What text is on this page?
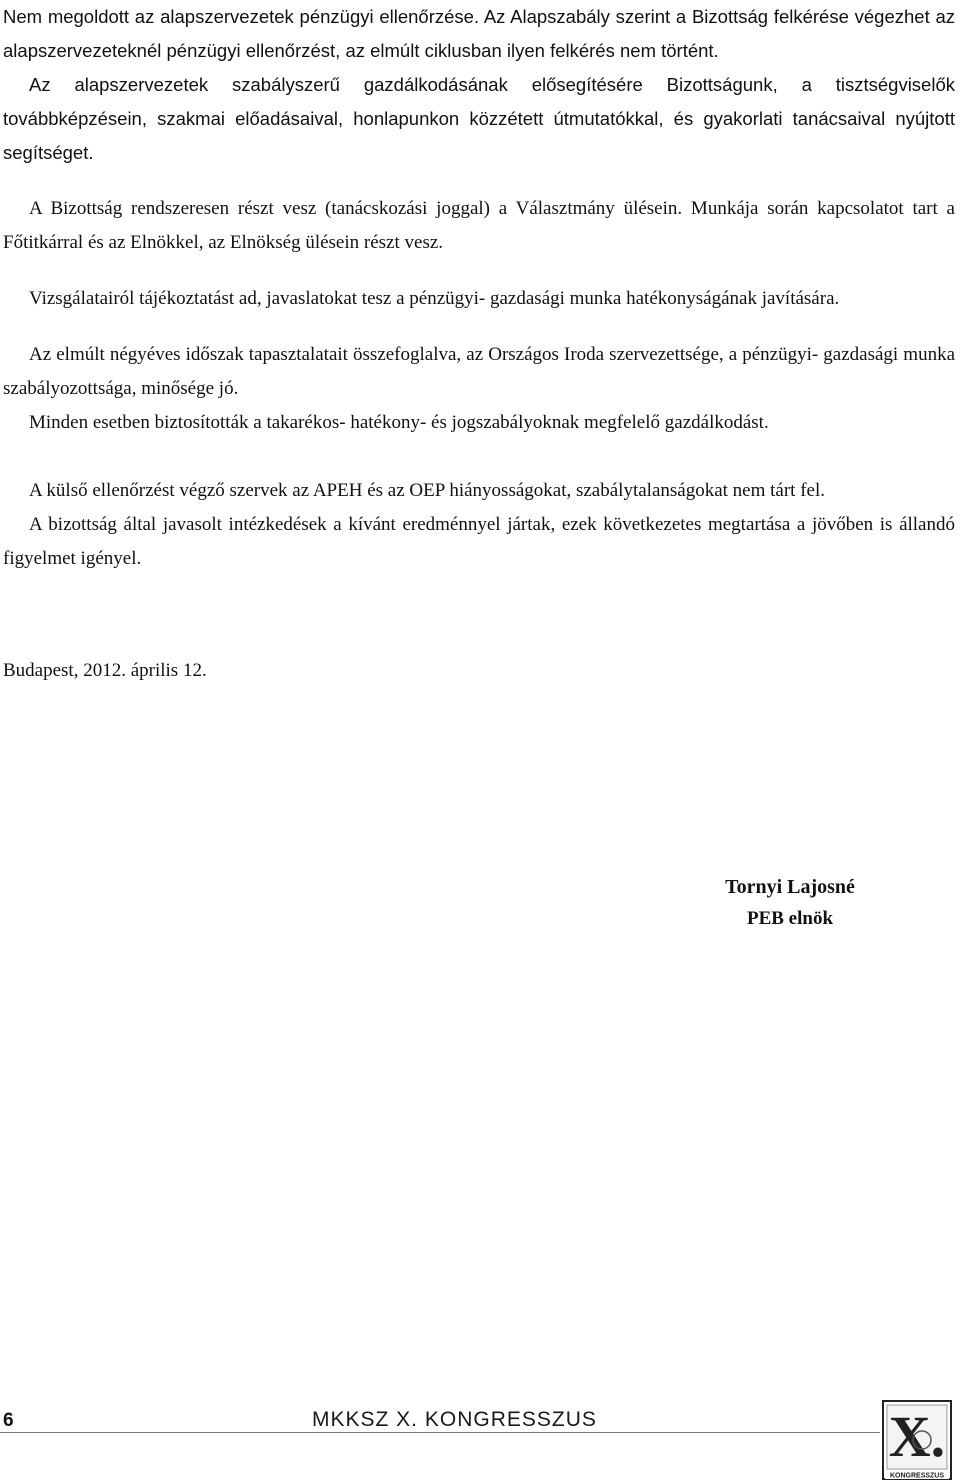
Nem megoldott az alapszervezetek pénzügyi ellenőrzése. Az Alapszabály szerint a Bizottság felkérése végezhet az alapszervezeteknél pénzügyi ellenőrzést, az elmúlt ciklusban ilyen felkérés nem történt.

Az alapszervezetek szabályszerű gazdálkodásának elősegítésére Bizottságunk, a tisztségviselők továbbképzésein, szakmai előadásaival, honlapunkon közzétett útmutatókkal, és gyakorlati tanácsaival nyújtott segítséget.

A Bizottság rendszeresen részt vesz (tanácskozási joggal) a Választmány ülésein. Munkája során kapcsolatot tart a Főtitkárral és az Elnökkel, az Elnökség ülésein részt vesz.

Vizsgálatairól tájékoztatást ad, javaslatokat tesz a pénzügyi- gazdasági munka hatékonyságának javítására.

Az elmúlt négyéves időszak tapasztalatait összefoglalva, az Országos Iroda szervezettsége, a pénzügyi- gazdasági munka szabályozottsága, minősége jó.

Minden esetben biztosították a takarékos- hatékony- és jogszabályoknak megfelelő gazdálkodást.

A külső ellenőrzést végző szervek az APEH és az OEP hiányosságokat, szabálytalanságokat nem tárt fel.

A bizottság által javasolt intézkedések a kívánt eredménnyel jártak, ezek következetes megtartása a jövőben is állandó figyelmet igényel.

Budapest, 2012. április 12.

Tornyi Lajosné
PEB elnök
6	MKKSZ X. KONGRESSZUS	X.
KONGRESSZUS
